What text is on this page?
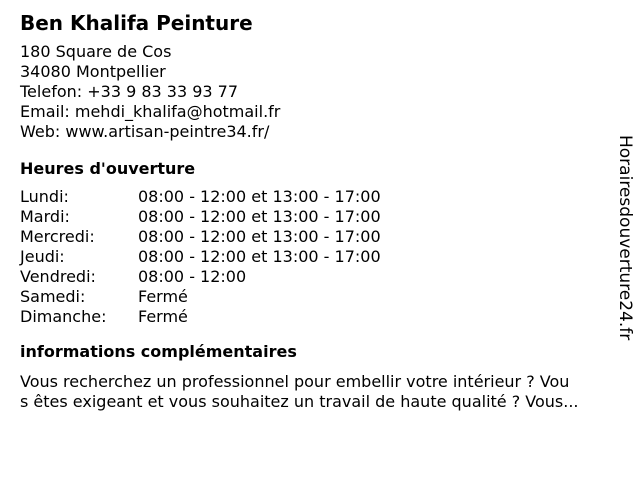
Ben Khalifa Peinture
180 Square de Cos
34080 Montpellier
Telefon: +33 9 83 33 93 77
Email: mehdi_khalifa@hotmail.fr
Web: www.artisan-peintre34.fr/
Heures d'ouverture
Lundi:	08:00 - 12:00 et 13:00 - 17:00
Mardi:	08:00 - 12:00 et 13:00 - 17:00
Mercredi:	08:00 - 12:00 et 13:00 - 17:00
Jeudi:	08:00 - 12:00 et 13:00 - 17:00
Vendredi:	08:00 - 12:00
Samedi:	Fermé
Dimanche:	Fermé
informations complémentaires
Vous recherchez un professionnel pour embellir votre intérieur ? Vou
s êtes exigeant et vous souhaitez un travail de haute qualité ? Vous...
Horairesdouverture24.fr
